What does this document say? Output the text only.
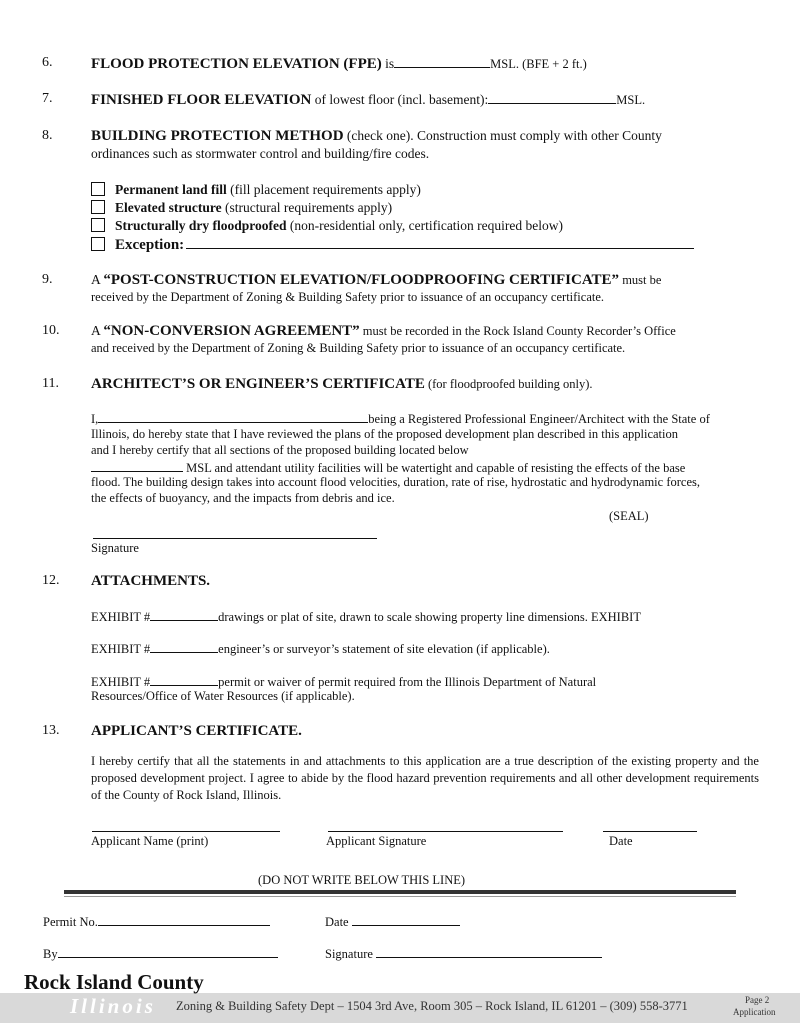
6.	FLOOD PROTECTION ELEVATION (FPE) is	MSL. (BFE + 2 ft.)
7.	FINISHED FLOOR ELEVATION of lowest floor (incl. basement):	MSL.
8.	BUILDING PROTECTION METHOD (check one). Construction must comply with other County
ordinances such as stormwater control and building/fire codes.
Permanent land fill (fill placement requirements apply)
Elevated structure (structural requirements apply)
Structurally dry floodproofed (non-residential only, certification required below)
Exception:
9.	A “POST-CONSTRUCTION ELEVATION/FLOODPROOFING CERTIFICATE” must be
received by the Department of Zoning & Building Safety prior to issuance of an occupancy certificate.
10. A “NON-CONVERSION AGREEMENT” must be recorded in the Rock Island County Recorder’s Office
and received by the Department of Zoning & Building Safety prior to issuance of an occupancy certificate.
11. ARCHITECT’S OR ENGINEER’S CERTIFICATE (for floodproofed building only).
I,	being a Registered Professional Engineer/Architect with the State of
Illinois, do hereby state that I have reviewed the plans of the proposed development plan described in this application
and I hereby certify that all sections of the proposed building located below
MSL and attendant utility facilities will be watertight and capable of resisting the effects of the base
flood. The building design takes into account flood velocities, duration, rate of rise, hydrostatic and hydrodynamic forces,
the effects of buoyancy, and the impacts from debris and ice.
(SEAL)
Signature
12. ATTACHMENTS.
EXHIBIT #	drawings or plat of site, drawn to scale showing property line dimensions. EXHIBIT
EXHIBIT #	engineer’s or surveyor’s statement of site elevation (if applicable).
EXHIBIT #	permit or waiver of permit required from the Illinois Department of Natural
Resources/Office of Water Resources (if applicable).
13. APPLICANT’S CERTIFICATE.
I hereby certify that all the statements in and attachments to this application are a true description of the existing property and the proposed development project. I agree to abide by the flood hazard prevention requirements and all other development requirements of the County of Rock Island, Illinois.
Applicant Name (print)	Applicant Signature	Date
(DO NOT WRITE BELOW THIS LINE)
Permit No.	Date
By	Signature
Rock Island County
Illinois Zoning & Building Safety Dept – 1504 3rd Ave, Room 305 – Rock Island, IL 61201 – (309) 558-3771	Page 2
Application
